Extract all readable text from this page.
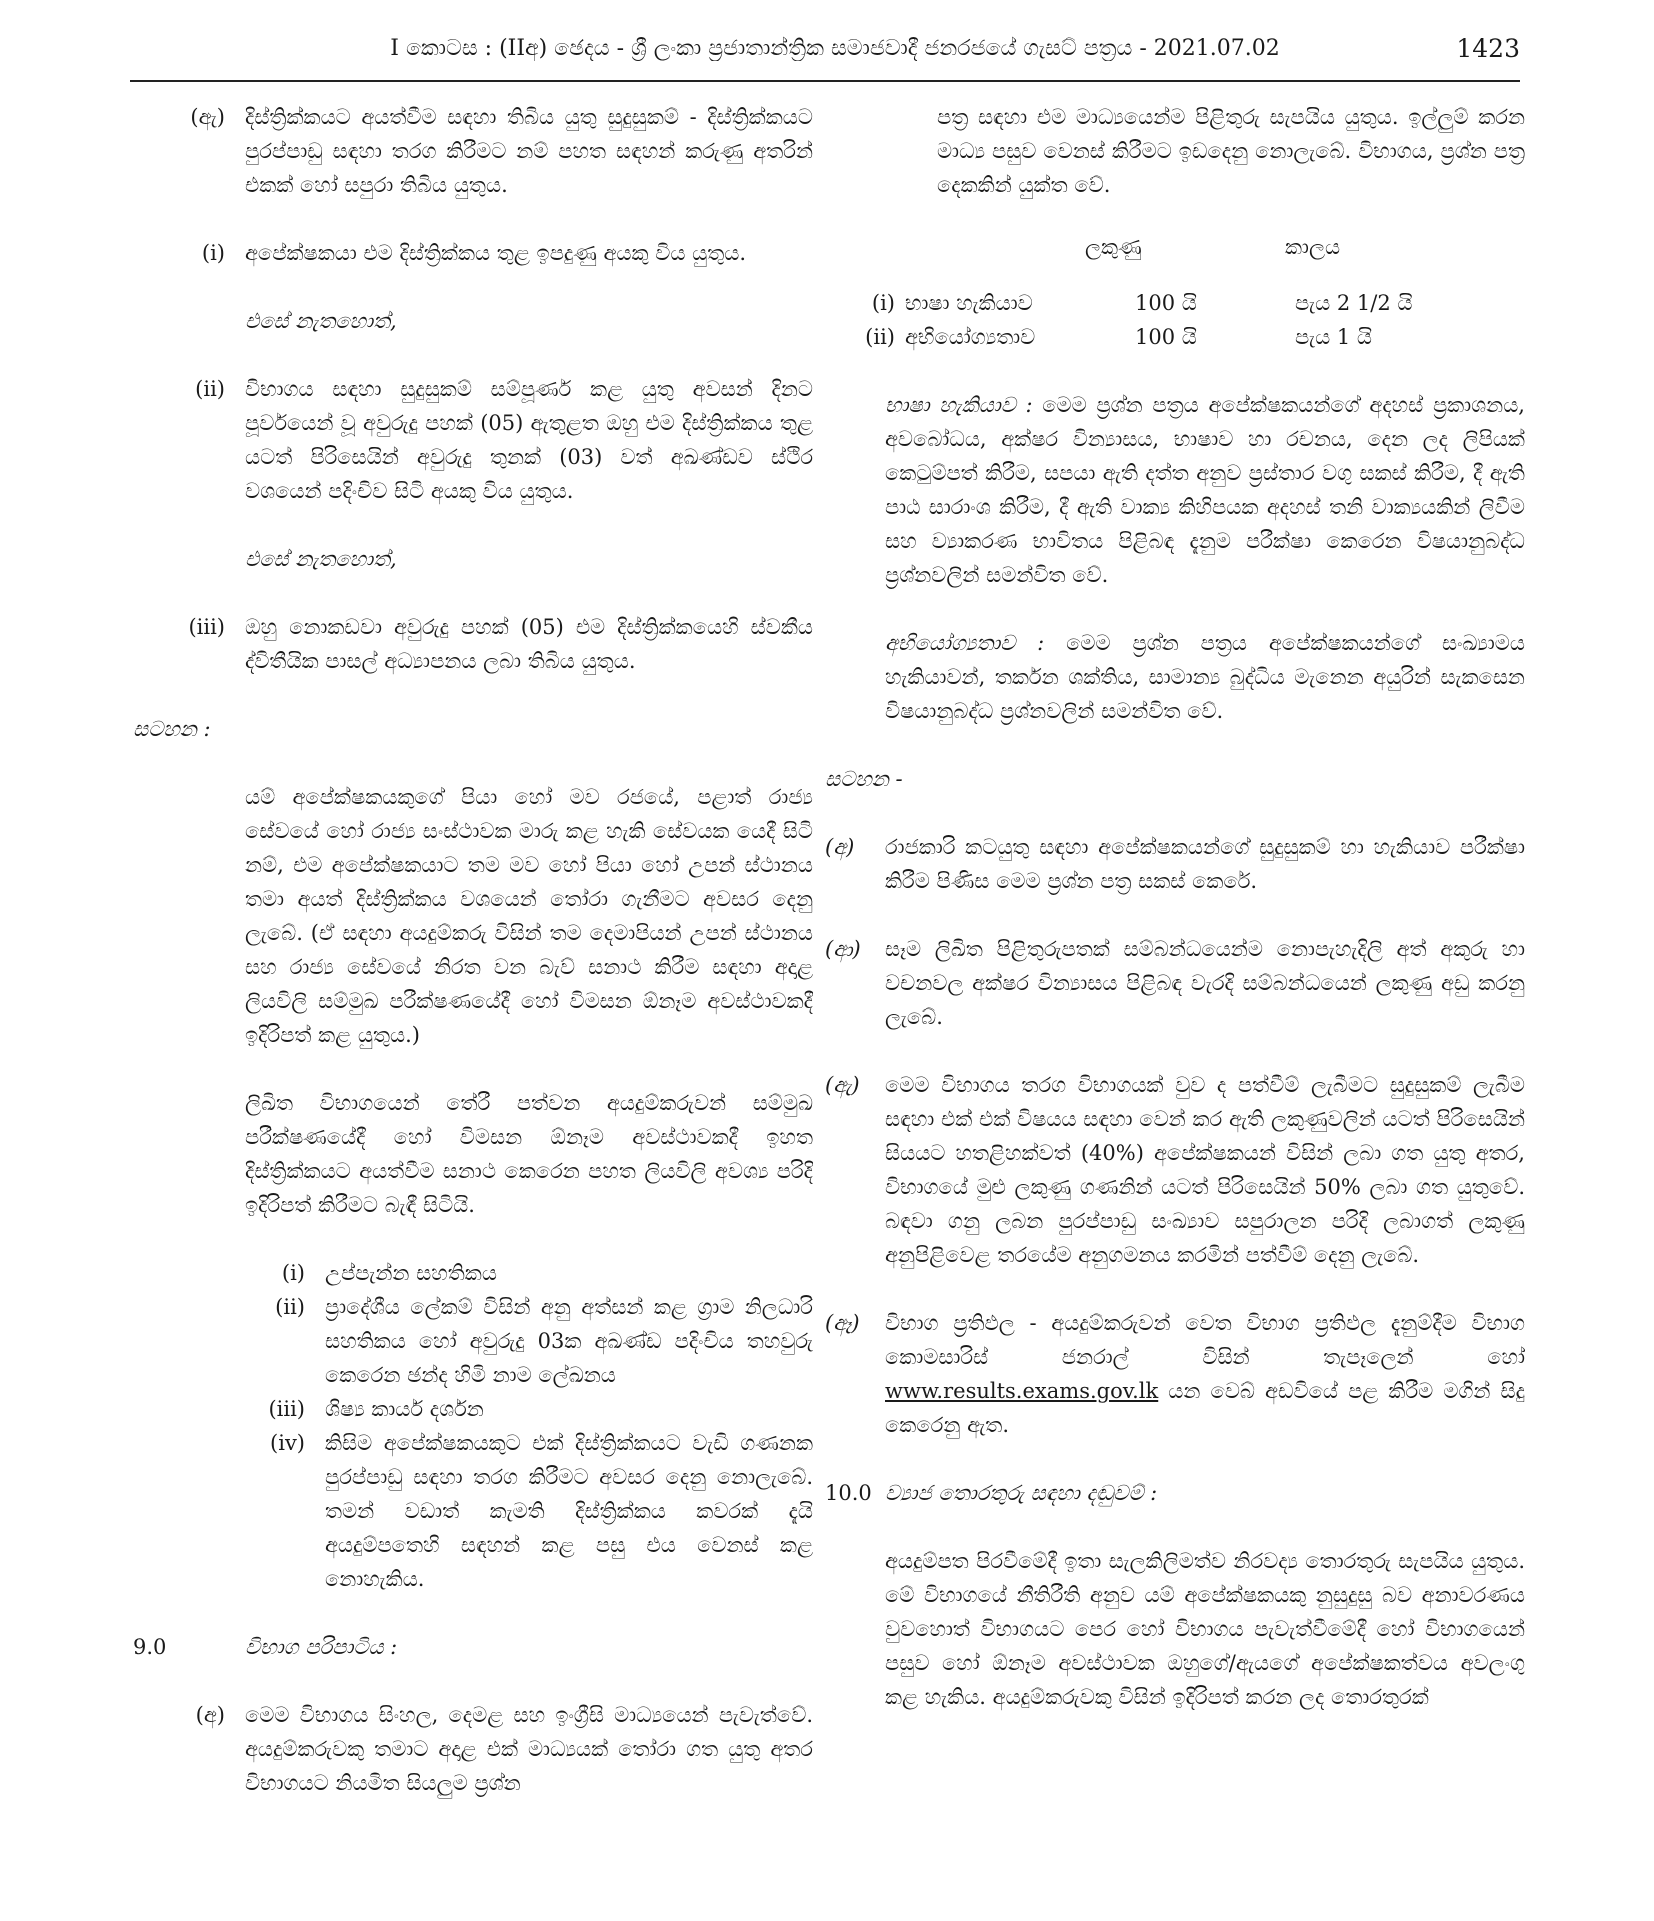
I කොටස : (IIඅ) ඡෙදය - ශ්‍රී ලංකා ප්‍රජාතාන්ත්‍රික සමාජවාදී ජනරජයේ ගැසට් පත්‍රය - 2021.07.02	1423
(ඇ) දිස්ත්‍රික්කයට අයත්වීම සඳහා තිබිය යුතු සුදුසුකම් - දිස්ත්‍රික්කයට පුරප්පාඩු සඳහා තරග කිරීමට නම් පහත සඳහන් කරුණු අතරින් එකක් හෝ සපුරා තිබිය යුතුය.
(i) අපේක්ෂකයා එම දිස්ත්‍රික්කය තුළ ඉපදුණු අයකු විය යුතුය.
එසේ නැතහොත්,
(ii) විභාගය සඳහා සුදුසුකම් සම්පූර්ණ කළ යුතු අවසන් දිනට පූර්වයෙන් වූ අවුරුදු පහක් (05) ඇතුළත ඔහු එම දිස්ත්‍රික්කය තුළ යටත් පිරිසෙයින් අවුරුදු තුනක් (03) වත් අඛණ්ඩව ස්ථිර වශයෙන් පදිංචිව සිටි අයකු විය යුතුය.
එසේ නැතහොත්,
(iii) ඔහු නොකඩවා අවුරුදු පහක් (05) එම දිස්ත්‍රික්කයෙහි ස්වකීය ද්විතීයික පාසල් අධ්‍යාපනය ලබා තිබිය යුතුය.
සටහන :
යම් අපේක්ෂකයකුගේ පියා හෝ මව රජයේ, පළාත් රාජ්‍ය සේවයේ හෝ රාජ්‍ය සංස්ථාවක මාරු කළ හැකි සේවයක යෙදී සිටි නම්, එම අපේක්ෂකයාට තම මව හෝ පියා හෝ උපන් ස්ථානය තමා අයත් දිස්ත්‍රික්කය වශයෙන් තෝරා ගැනීමට අවසර දෙනු ලැබේ. (ඒ සඳහා අයදුම්කරු විසින් තම දෙමාපියන් උපන් ස්ථානය සහ රාජ්‍ය සේවයේ නිරත වන බැව් සනාථ කිරීම සඳහා අදාළ ලියවිලි සම්මුඛ පරීක්ෂණයේදී හෝ විමසන ඕනෑම අවස්ථාවකදී ඉදිරිපත් කළ යුතුය.)
ලිඛිත විභාගයෙන් තේරී පත්වන අයදුම්කරුවන් සම්මුඛ පරීක්ෂණයේදී හෝ විමසන ඕනෑම අවස්ථාවකදී ඉහත දිස්ත්‍රික්කයට අයත්වීම සනාථ කෙරෙන පහත ලියවිලි අවශ්‍ය පරිදි ඉදිරිපත් කිරීමට බැඳී සිටියි.
(i) උප්පැන්න සහතිකය
(ii) ප්‍රාදේශීය ලේකම් විසින් අනු අත්සන් කළ ග්‍රාම නිලධාරි සහතිකය හෝ අවුරුදු 03ක අඛණ්ඩ පදිංචිය තහවුරු කෙරෙන ඡන්ද හිමි නාම ලේඛනය
(iii) ශිෂ්‍ය කාර්ය දර්ශන
(iv) කිසිම අපේක්ෂකයකුට එක් දිස්ත්‍රික්කයට වැඩි ගණනක පුරප්පාඩු සඳහා තරග කිරීමට අවසර දෙනු නොලැබේ. තමන් වඩාත් කැමති දිස්ත්‍රික්කය කවරක් දැයි අයදුම්පතෙහි සඳහන් කළ පසු එය වෙනස් කළ නොහැකිය.
9.0	විභාග පරිපාටිය :
(අ) මෙම විභාගය සිංහල, දෙමළ සහ ඉංග්‍රීසි මාධ්‍යයෙන් පැවැත්වේ. අයදුම්කරුවකු තමාට අදාළ එක් මාධ්‍යයක් තෝරා ගත යුතු අතර විභාගයට නියමිත සියලුම ප්‍රශ්න
පත්‍ර සඳහා එම මාධ්‍යයෙන්ම පිළිතුරු සැපයිය යුතුය. ඉල්ලුම් කරන මාධ්‍ය පසුව වෙනස් කිරීමට ඉඩදෙනු නොලැබේ. විභාගය, ප්‍රශ්න පත්‍ර දෙකකින් යුක්ත වේ.
ලකුණු	කාලය
(i) භාෂා හැකියාව	100 යි	පැය 2 1/2 යි
(ii) අභියෝග්‍යතාව	100 යි	පැය 1 යි
භාෂා හැකියාව : මෙම ප්‍රශ්න පත්‍රය අපේක්ෂකයන්ගේ අදහස් ප්‍රකාශනය, අවබෝධය, අක්ෂර වින්‍යාසය, භාෂාව හා රචනය, දෙන ලද ලිපියක් කෙටුම්පත් කිරීම, සපයා ඇති දත්ත අනුව ප්‍රස්තාර වගු සකස් කිරීම, දී ඇති පාඨ සාරාංශ කිරීම, දී ඇති වාක්‍ය කිහිපයක අදහස් තනි වාක්‍යයකින් ලිවීම සහ ව්‍යාකරණ භාවිතය පිළිබඳ දැනුම පරීක්ෂා කෙරෙන විෂයානුබද්ධ ප්‍රශ්නවලින් සමන්විත වේ.
අභියෝග්‍යතාව : මෙම ප්‍රශ්න පත්‍රය අපේක්ෂකයන්ගේ සංඛ්‍යාමය හැකියාවන්, තර්කන ශක්තිය, සාමාන්‍ය බුද්ධිය මැනෙන අයුරින් සැකසෙන විෂයානුබද්ධ ප්‍රශ්නවලින් සමන්විත වේ.
සටහන -
(අ)	රාජකාරි කටයුතු සඳහා අපේක්ෂකයන්ගේ සුදුසුකම් හා හැකියාව පරීක්ෂා කිරීම පිණිස මෙම ප්‍රශ්න පත්‍ර සකස් කෙරේ.
(ආ)	සෑම ලිඛිත පිළිතුරුපතක් සම්බන්ධයෙන්ම නොපැහැදිලි අත් අකුරු හා වචනවල අක්ෂර වින්‍යාසය පිළිබඳ වැරදි සම්බන්ධයෙන් ලකුණු අඩු කරනු ලැබේ.
(ඇ)	මෙම විභාගය තරග විභාගයක් වුව ද පත්වීම් ලැබීමට සුදුසුකම් ලැබීම සඳහා එක් එක් විෂයය සඳහා වෙන් කර ඇති ලකුණුවලින් යටත් පිරිසෙයින් සියයට හතළිහක්වත් (40%) අපේක්ෂකයන් විසින් ලබා ගත යුතු අතර, විභාගයේ මුළු ලකුණු ගණනින් යටත් පිරිසෙයින් 50% ලබා ගත යුතුවේ. බඳවා ගනු ලබන පුරප්පාඩු සංඛ්‍යාව සපුරාලන පරිදි ලබාගත් ලකුණු අනුපිළිවෙළ තරයේම අනුගමනය කරමින් පත්වීම් දෙනු ලැබේ.
(ඈ)	විභාග ප්‍රතිඵල - අයදුම්කරුවන් වෙත විභාග ප්‍රතිඵල දැනුම්දීම විභාග කොමසාරිස් ජනරාල් විසින් තැපෑලෙන් හෝ www.results.exams.gov.lk යන වෙබ් අඩවියේ පළ කිරීම මගින් සිදු කෙරෙනු ඇත.
10.0 ව්‍යාජ තොරතුරු සඳහා දඬුවම් :
අයදුම්පත පිරවීමේදී ඉතා සැලකිලිමත්ව නිරවද්‍ය තොරතුරු සැපයිය යුතුය. මේ විභාගයේ නීතිරීති අනුව යම් අපේක්ෂකයකු නුසුදුසු බව අනාවරණය වුවහොත් විභාගයට පෙර හෝ විභාගය පැවැත්වීමේදී හෝ විභාගයෙන් පසුව හෝ ඕනෑම අවස්ථාවක ඔහුගේ/ඇයගේ අපේක්ෂකත්වය අවලංගු කළ හැකිය. අයදුම්කරුවකු විසින් ඉදිරිපත් කරන ලද තොරතුරක්
